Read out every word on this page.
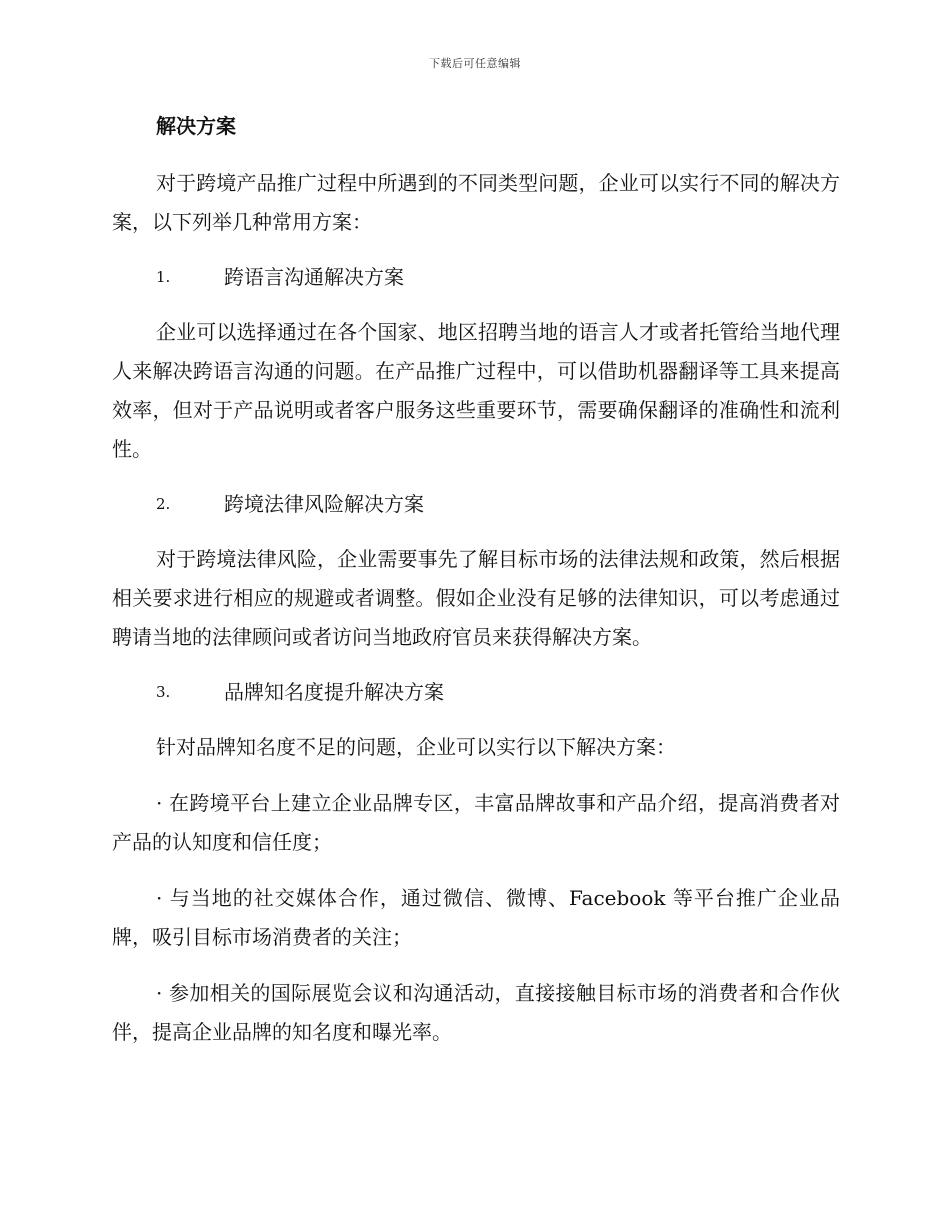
下载后可任意编辑
解决方案

对于跨境产品推广过程中所遇到的不同类型问题，企业可以实行不同的解决方案，以下列举几种常用方案：

1.	跨语言沟通解决方案

企业可以选择通过在各个国家、地区招聘当地的语言人才或者托管给当地代理人来解决跨语言沟通的问题。在产品推广过程中，可以借助机器翻译等工具来提高效率，但对于产品说明或者客户服务这些重要环节，需要确保翻译的准确性和流利性。

2.	跨境法律风险解决方案

对于跨境法律风险，企业需要事先了解目标市场的法律法规和政策，然后根据相关要求进行相应的规避或者调整。假如企业没有足够的法律知识，可以考虑通过聘请当地的法律顾问或者访问当地政府官员来获得解决方案。

3.	品牌知名度提升解决方案

针对品牌知名度不足的问题，企业可以实行以下解决方案：

· 在跨境平台上建立企业品牌专区，丰富品牌故事和产品介绍，提高消费者对产品的认知度和信任度；

· 与当地的社交媒体合作，通过微信、微博、Facebook 等平台推广企业品牌，吸引目标市场消费者的关注；

· 参加相关的国际展览会议和沟通活动，直接接触目标市场的消费者和合作伙伴，提高企业品牌的知名度和曝光率。
